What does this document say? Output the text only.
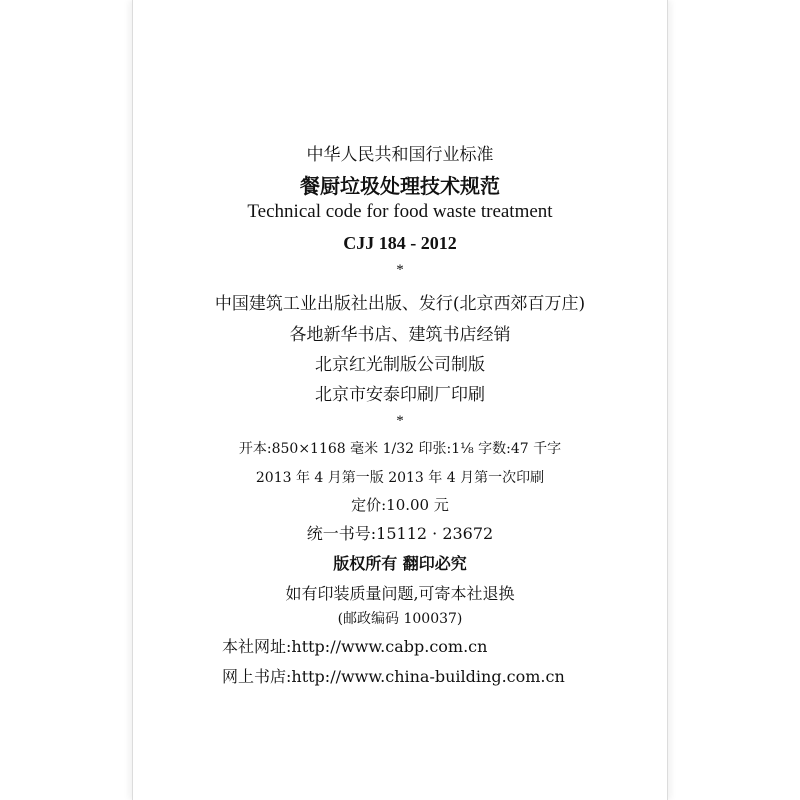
中华人民共和国行业标准
餐厨垃圾处理技术规范
Technical code for food waste treatment
CJJ 184 - 2012
*
中国建筑工业出版社出版、发行(北京西郊百万庄)
各地新华书店、建筑书店经销
北京红光制版公司制版
北京市安泰印刷厂印刷
*
开本:850×1168 毫米 1/32 印张:1⅛ 字数:47 千字
2013 年 4 月第一版 2013 年 4 月第一次印刷
定价:10.00 元
统一书号:15112 · 23672
版权所有 翻印必究
如有印装质量问题,可寄本社退换
(邮政编码 100037)
本社网址:http://www.cabp.com.cn
网上书店:http://www.china-building.com.cn
